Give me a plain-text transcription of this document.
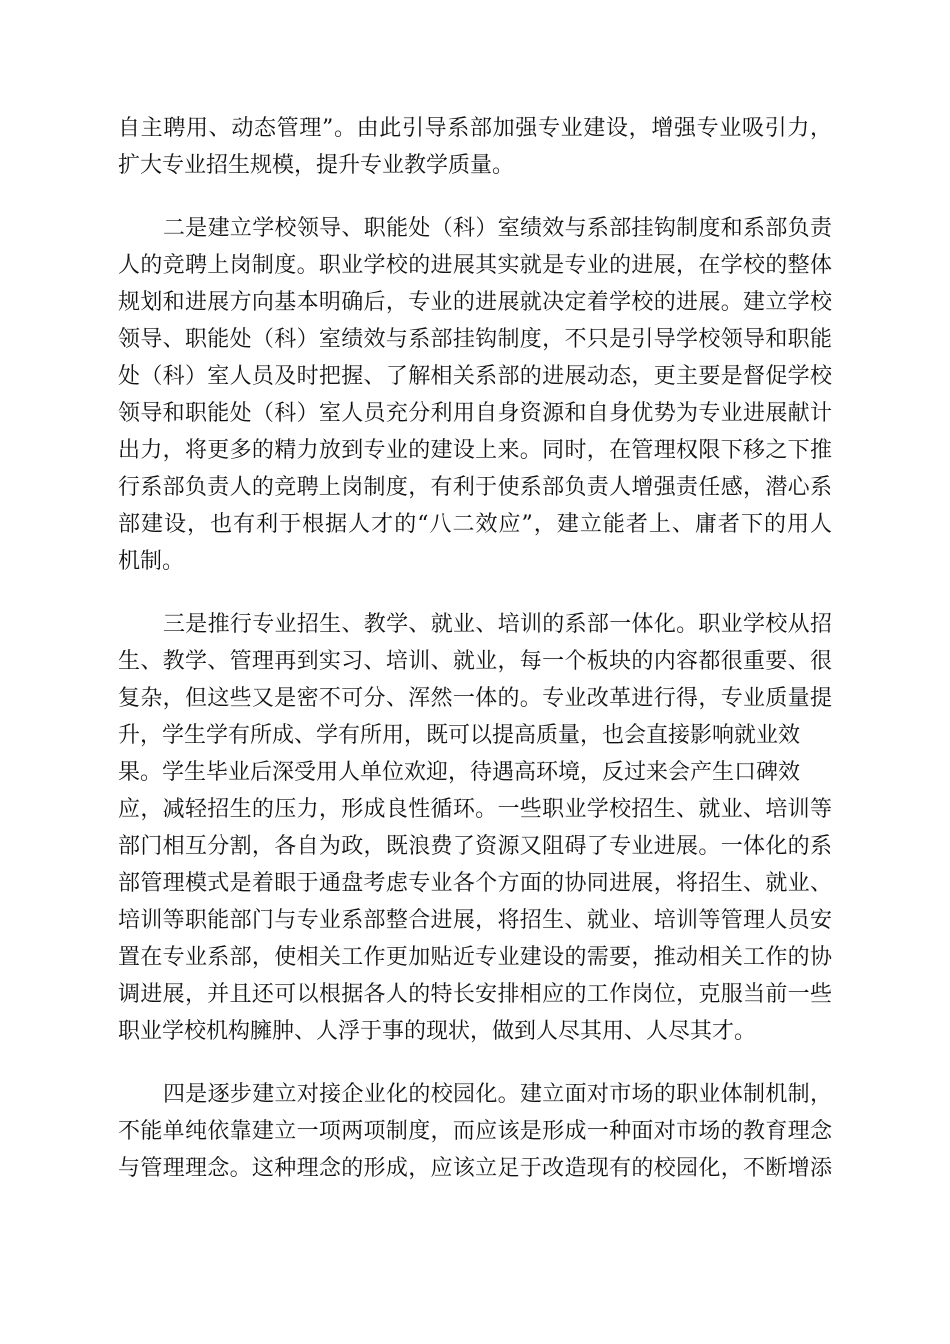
自主聘用、动态管理”。由此引导系部加强专业建设，增强专业吸引力，
扩大专业招生规模，提升专业教学质量。
二是建立学校领导、职能处（科）室绩效与系部挂钩制度和系部负责
人的竞聘上岗制度。职业学校的进展其实就是专业的进展，在学校的整体
规划和进展方向基本明确后，专业的进展就决定着学校的进展。建立学校
领导、职能处（科）室绩效与系部挂钩制度，不只是引导学校领导和职能
处（科）室人员及时把握、了解相关系部的进展动态，更主要是督促学校
领导和职能处（科）室人员充分利用自身资源和自身优势为专业进展献计
出力，将更多的精力放到专业的建设上来。同时，在管理权限下移之下推
行系部负责人的竞聘上岗制度，有利于使系部负责人增强责任感，潜心系
部建设，也有利于根据人才的“八二效应”，建立能者上、庸者下的用人
机制。
三是推行专业招生、教学、就业、培训的系部一体化。职业学校从招
生、教学、管理再到实习、培训、就业，每一个板块的内容都很重要、很
复杂，但这些又是密不可分、浑然一体的。专业改革进行得，专业质量提
升，学生学有所成、学有所用，既可以提高质量，也会直接影响就业效
果。学生毕业后深受用人单位欢迎，待遇高环境，反过来会产生口碑效
应，减轻招生的压力，形成良性循环。一些职业学校招生、就业、培训等
部门相互分割，各自为政，既浪费了资源又阻碍了专业进展。一体化的系
部管理模式是着眼于通盘考虑专业各个方面的协同进展，将招生、就业、
培训等职能部门与专业系部整合进展，将招生、就业、培训等管理人员安
置在专业系部，使相关工作更加贴近专业建设的需要，推动相关工作的协
调进展，并且还可以根据各人的特长安排相应的工作岗位，克服当前一些
职业学校机构臃肿、人浮于事的现状，做到人尽其用、人尽其才。
四是逐步建立对接企业化的校园化。建立面对市场的职业体制机制，
不能单纯依靠建立一项两项制度，而应该是形成一种面对市场的教育理念
与管理理念。这种理念的形成，应该立足于改造现有的校园化，不断增添
